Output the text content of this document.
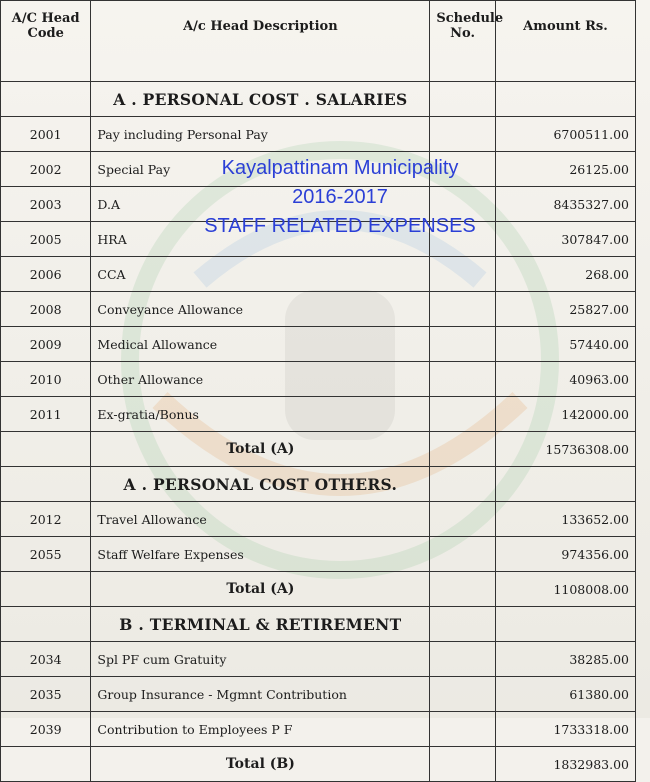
A/C Head Code	A/c Head Description	Schedule No.	Amount Rs.
	A . PERSONAL COST . SALARIES		
2001	Pay including Personal Pay		6700511.00
2002	Special Pay		26125.00
2003	D.A		8435327.00
2005	HRA		307847.00
2006	CCA		268.00
2008	Conveyance Allowance		25827.00
2009	Medical Allowance		57440.00
2010	Other Allowance		40963.00
2011	Ex-gratia/Bonus		142000.00
	Total (A)		15736308.00
	A . PERSONAL COST OTHERS.		
2012	Travel Allowance		133652.00
2055	Staff Welfare Expenses		974356.00
	Total (A)		1108008.00
	B . TERMINAL & RETIREMENT		
2034	Spl PF cum Gratuity		38285.00
2035	Group Insurance - Mgmnt Contribution		61380.00
2039	Contribution to Employees P F		1733318.00
	Total (B)		1832983.00
Kayalpattinam Municipality
2016-2017
STAFF RELATED EXPENSES
